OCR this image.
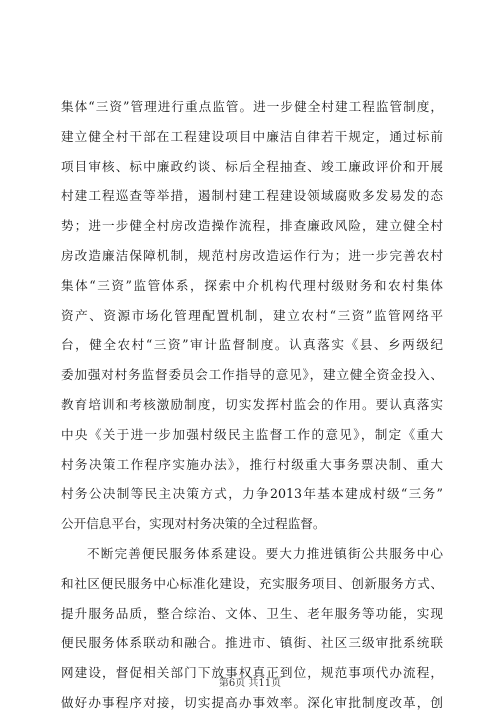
集体“三资”管理进行重点监管。进一步健全村建工程监管制度，
建立健全村干部在工程建设项目中廉洁自律若干规定，通过标前
项目审核、标中廉政约谈、标后全程抽查、竣工廉政评价和开展
村建工程巡查等举措，遏制村建工程建设领域腐败多发易发的态
势；进一步健全村房改造操作流程，排查廉政风险，建立健全村
房改造廉洁保障机制，规范村房改造运作行为；进一步完善农村
集体“三资”监管体系，探索中介机构代理村级财务和农村集体
资产、资源市场化管理配置机制，建立农村“三资”监管网络平
台，健全农村“三资”审计监督制度。认真落实《县、乡两级纪
委加强对村务监督委员会工作指导的意见》，建立健全资金投入、
教育培训和考核激励制度，切实发挥村监会的作用。要认真落实
中央《关于进一步加强村级民主监督工作的意见》，制定《重大
村务决策工作程序实施办法》，推行村级重大事务票决制、重大
村务公决制等民主决策方式，力争2013年基本建成村级“三务”
公开信息平台，实现对村务决策的全过程监督。
不断完善便民服务体系建设。要大力推进镇街公共服务中心
和社区便民服务中心标准化建设，充实服务项目、创新服务方式、
提升服务品质，整合综治、文体、卫生、老年服务等功能，实现
便民服务体系联动和融合。推进市、镇街、社区三级审批系统联
网建设，督促相关部门下放事权真正到位，规范事项代办流程，
做好办事程序对接，切实提高办事效率。深化审批制度改革，创
第6页 共11页
